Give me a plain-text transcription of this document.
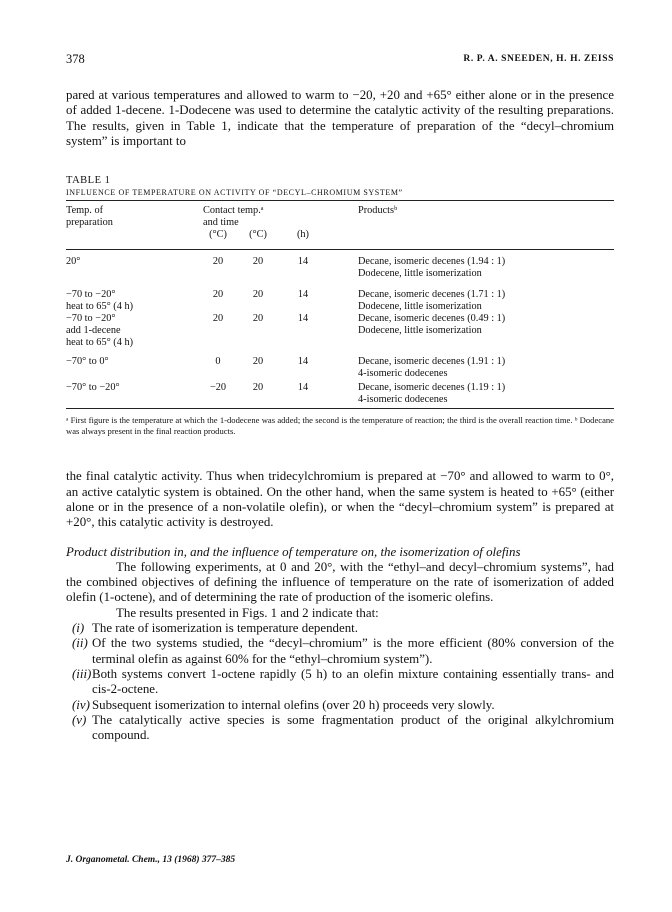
378	R. P. A. SNEEDEN, H. H. ZEISS

pared at various temperatures and allowed to warm to −20, +20 and +65° either alone or in the presence of added 1-decene. 1-Dodecene was used to determine the catalytic activity of the resulting preparations. The results, given in Table 1, indicate that the temperature of preparation of the “decyl–chromium system” is important to

TABLE 1
INFLUENCE OF TEMPERATURE ON ACTIVITY OF “DECYL–CHROMIUM SYSTEM”
Temp. of
preparation
Contact temp.ᵃ
and time
(°C)	(°C)	(h)
Productsᵇ
20°	20	20	14	Decane, isomeric decenes (1.94 : 1)
Dodecene, little isomerization
−70 to −20°
heat to 65° (4 h)
20	20	14	Decane, isomeric decenes (1.71 : 1)
Dodecene, little isomerization
−70 to −20°
add 1-decene
heat to 65° (4 h)
20	20	14	Decane, isomeric decenes (0.49 : 1)
Dodecene, little isomerization
−70° to 0°	0	20	14	Decane, isomeric decenes (1.91 : 1)
4-isomeric dodecenes
−70° to −20°	−20	20	14	Decane, isomeric decenes (1.19 : 1)
4-isomeric dodecenes

ᵃ First figure is the temperature at which the 1-dodecene was added; the second is the temperature of reaction; the third is the overall reaction time. ᵇ Dodecane was always present in the final reaction products.

the final catalytic activity. Thus when tridecylchromium is prepared at −70° and allowed to warm to 0°, an active catalytic system is obtained. On the other hand, when the same system is heated to +65° (either alone or in the presence of a non-volatile olefin), or when the “decyl–chromium system” is prepared at +20°, this catalytic activity is destroyed.

Product distribution in, and the influence of temperature on, the isomerization of olefins

The following experiments, at 0 and 20°, with the “ethyl–and decyl–chromium systems”, had the combined objectives of defining the influence of temperature on the rate of isomerization of added olefin (1-octene), and of determining the rate of production of the isomeric olefins.

The results presented in Figs. 1 and 2 indicate that:

(i) The rate of isomerization is temperature dependent.
(ii) Of the two systems studied, the “decyl–chromium” is the more efficient (80% conversion of the terminal olefin as against 60% for the “ethyl–chromium system”).
(iii) Both systems convert 1-octene rapidly (5 h) to an olefin mixture containing essentially trans- and cis-2-octene.
(iv) Subsequent isomerization to internal olefins (over 20 h) proceeds very slowly.
(v) The catalytically active species is some fragmentation product of the original alkylchromium compound.
J. Organometal. Chem., 13 (1968) 377–385
